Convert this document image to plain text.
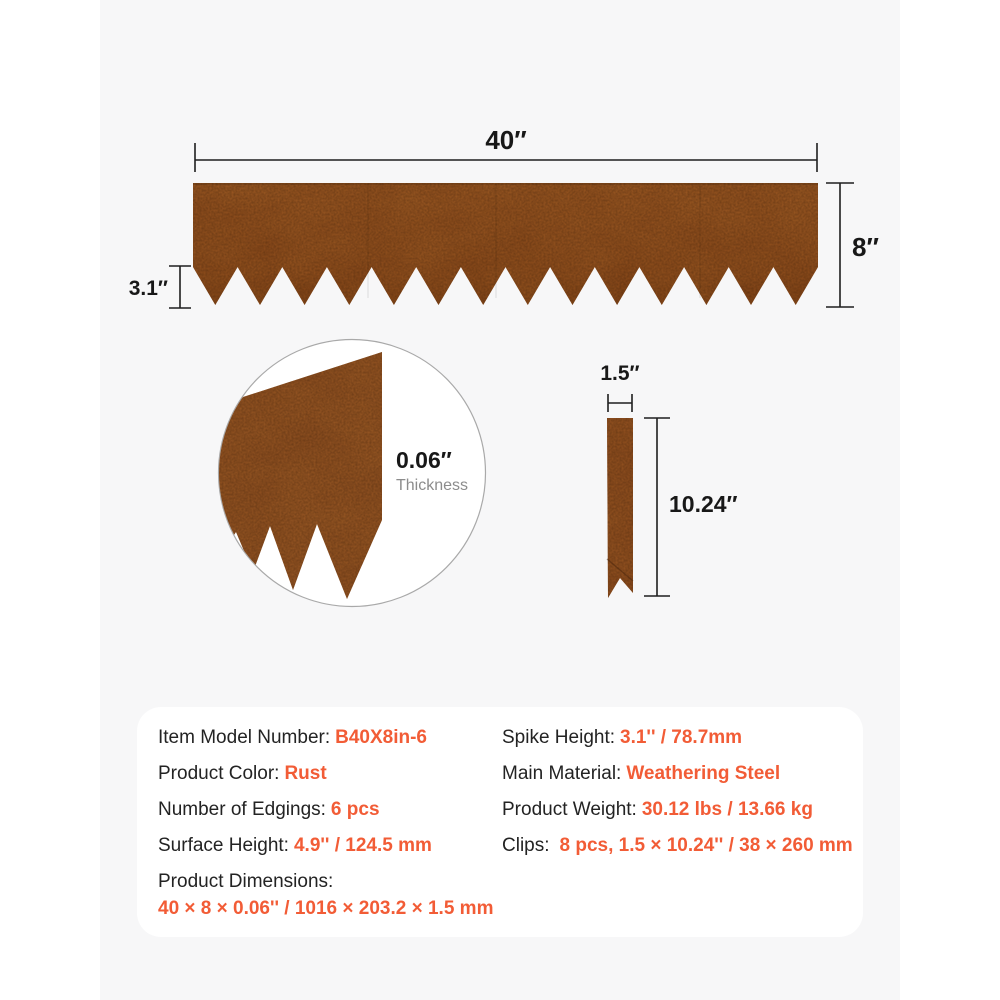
40″
8″
3.1″
0.06″
Thickness
1.5″
10.24″
Item Model Number: B40X8in-6
Product Color: Rust
Number of Edgings: 6 pcs
Surface Height: 4.9'' / 124.5 mm
Product Dimensions:
40 × 8 × 0.06'' / 1016 × 203.2 × 1.5 mm
Spike Height: 3.1'' / 78.7mm
Main Material: Weathering Steel
Product Weight: 30.12 lbs / 13.66 kg
Clips: 8 pcs, 1.5 × 10.24'' / 38 × 260 mm
